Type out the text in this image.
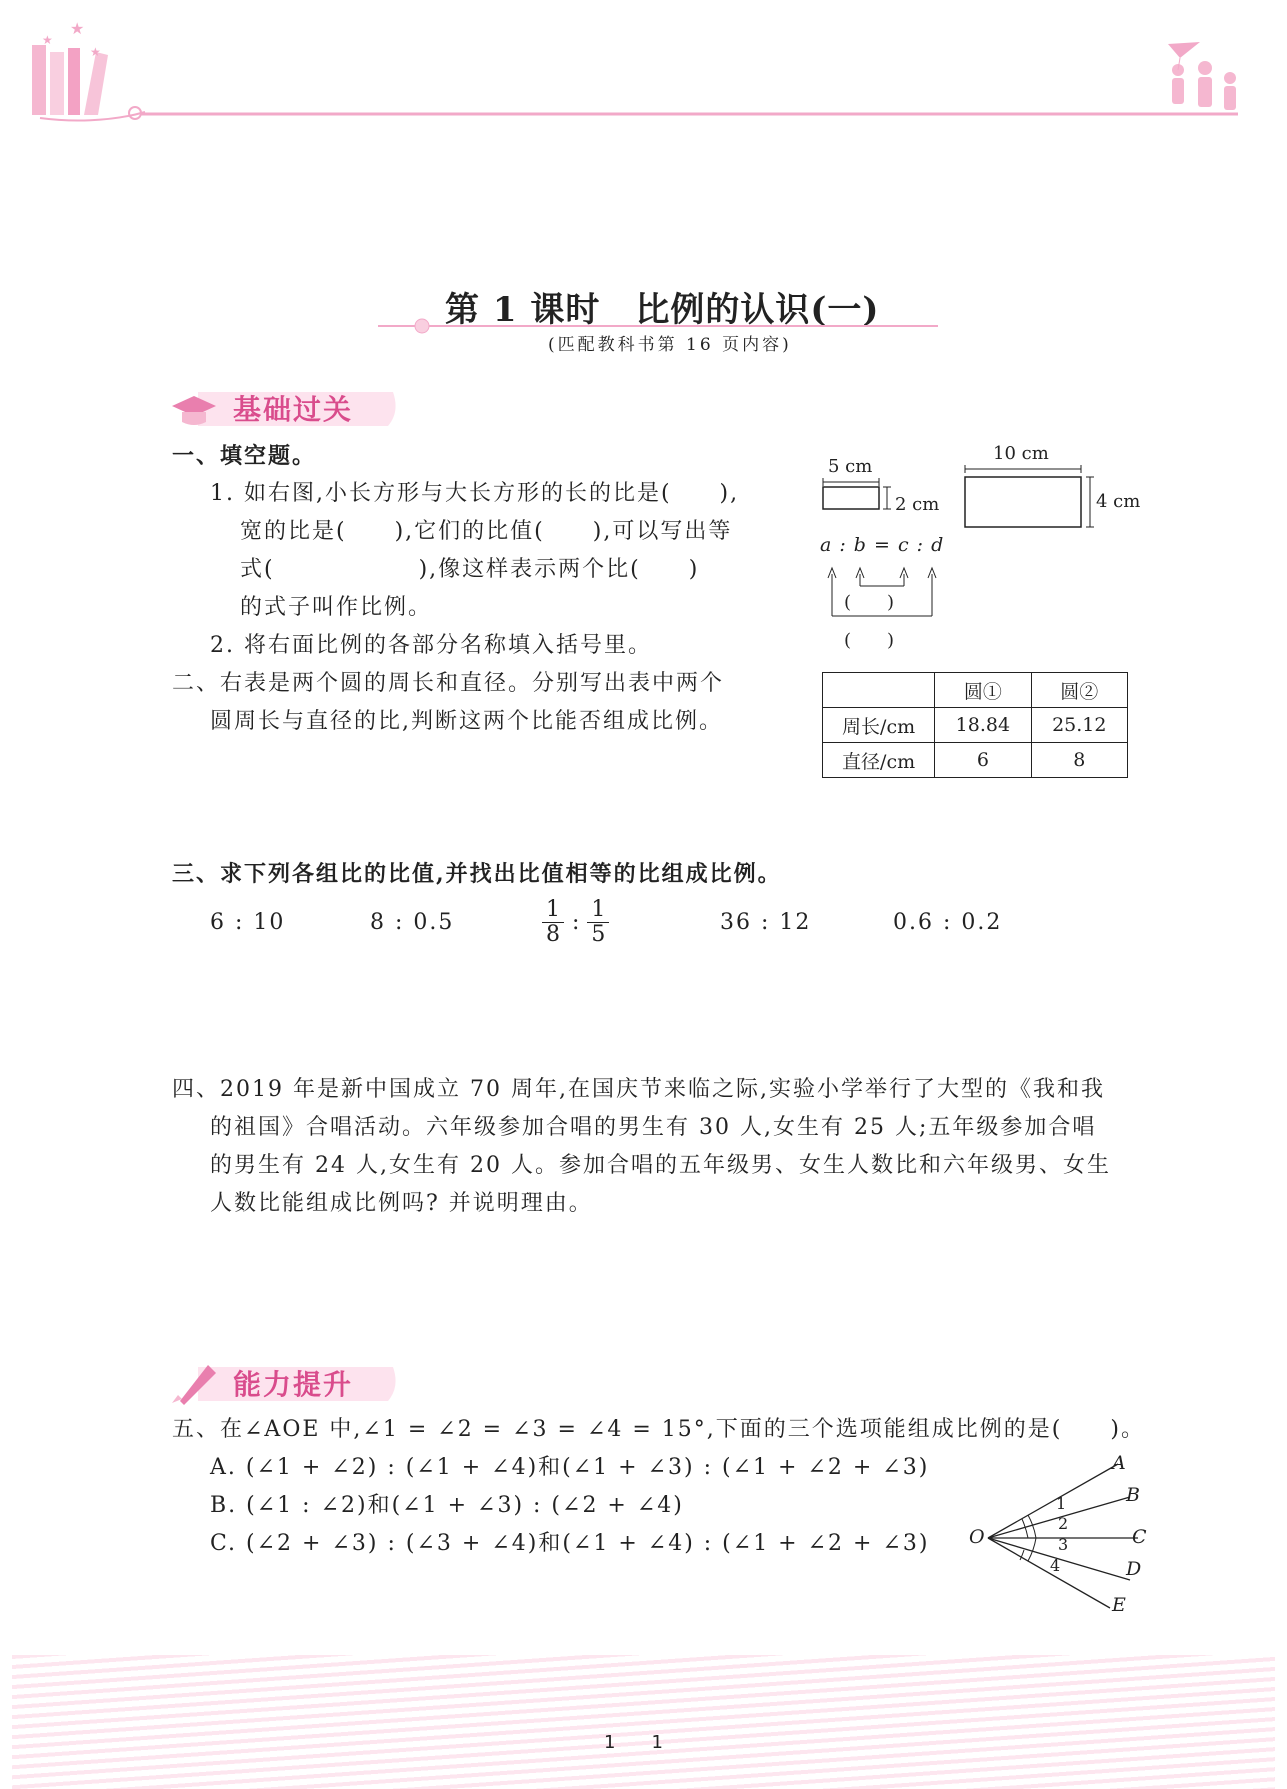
★
★
★
第 1 课时　比例的认识(一)
(匹配教科书第 16 页内容)
基础过关
一、填空题。
1. 如右图,小长方形与大长方形的长的比是(　　),
宽的比是(　　),它们的比值(　　),可以写出等
式(　　　　　　),像这样表示两个比(　　)
的式子叫作比例。
2. 将右面比例的各部分名称填入括号里。
5 cm
2 cm
10 cm
4 cm
a : b = c : d
(　　)
(　　)
二、右表是两个圆的周长和直径。分别写出表中两个
圆周长与直径的比,判断这两个比能否组成比例。
	圆①	圆②
周长/cm	18.84	25.12
直径/cm	6	8
三、求下列各组比的比值,并找出比值相等的比组成比例。
6 : 10	8 : 0.5	$\frac{1}{8}$ : $\frac{1}{5}$	36 : 12	0.6 : 0.2
四、2019 年是新中国成立 70 周年,在国庆节来临之际,实验小学举行了大型的《我和我
的祖国》合唱活动。六年级参加合唱的男生有 30 人,女生有 25 人;五年级参加合唱
的男生有 24 人,女生有 20 人。参加合唱的五年级男、女生人数比和六年级男、女生
人数比能组成比例吗? 并说明理由。
能力提升
五、在∠AOE 中,∠1 = ∠2 = ∠3 = ∠4 = 15°,下面的三个选项能组成比例的是(　　)。
A. (∠1 + ∠2) : (∠1 + ∠4)和(∠1 + ∠3) : (∠1 + ∠2 + ∠3)
B. (∠1 : ∠2)和(∠1 + ∠3) : (∠2 + ∠4)
C. (∠2 + ∠3) : (∠3 + ∠4)和(∠1 + ∠4) : (∠1 + ∠2 + ∠3) O
A
B
C
D
E
1
2
3
4
1　　1
